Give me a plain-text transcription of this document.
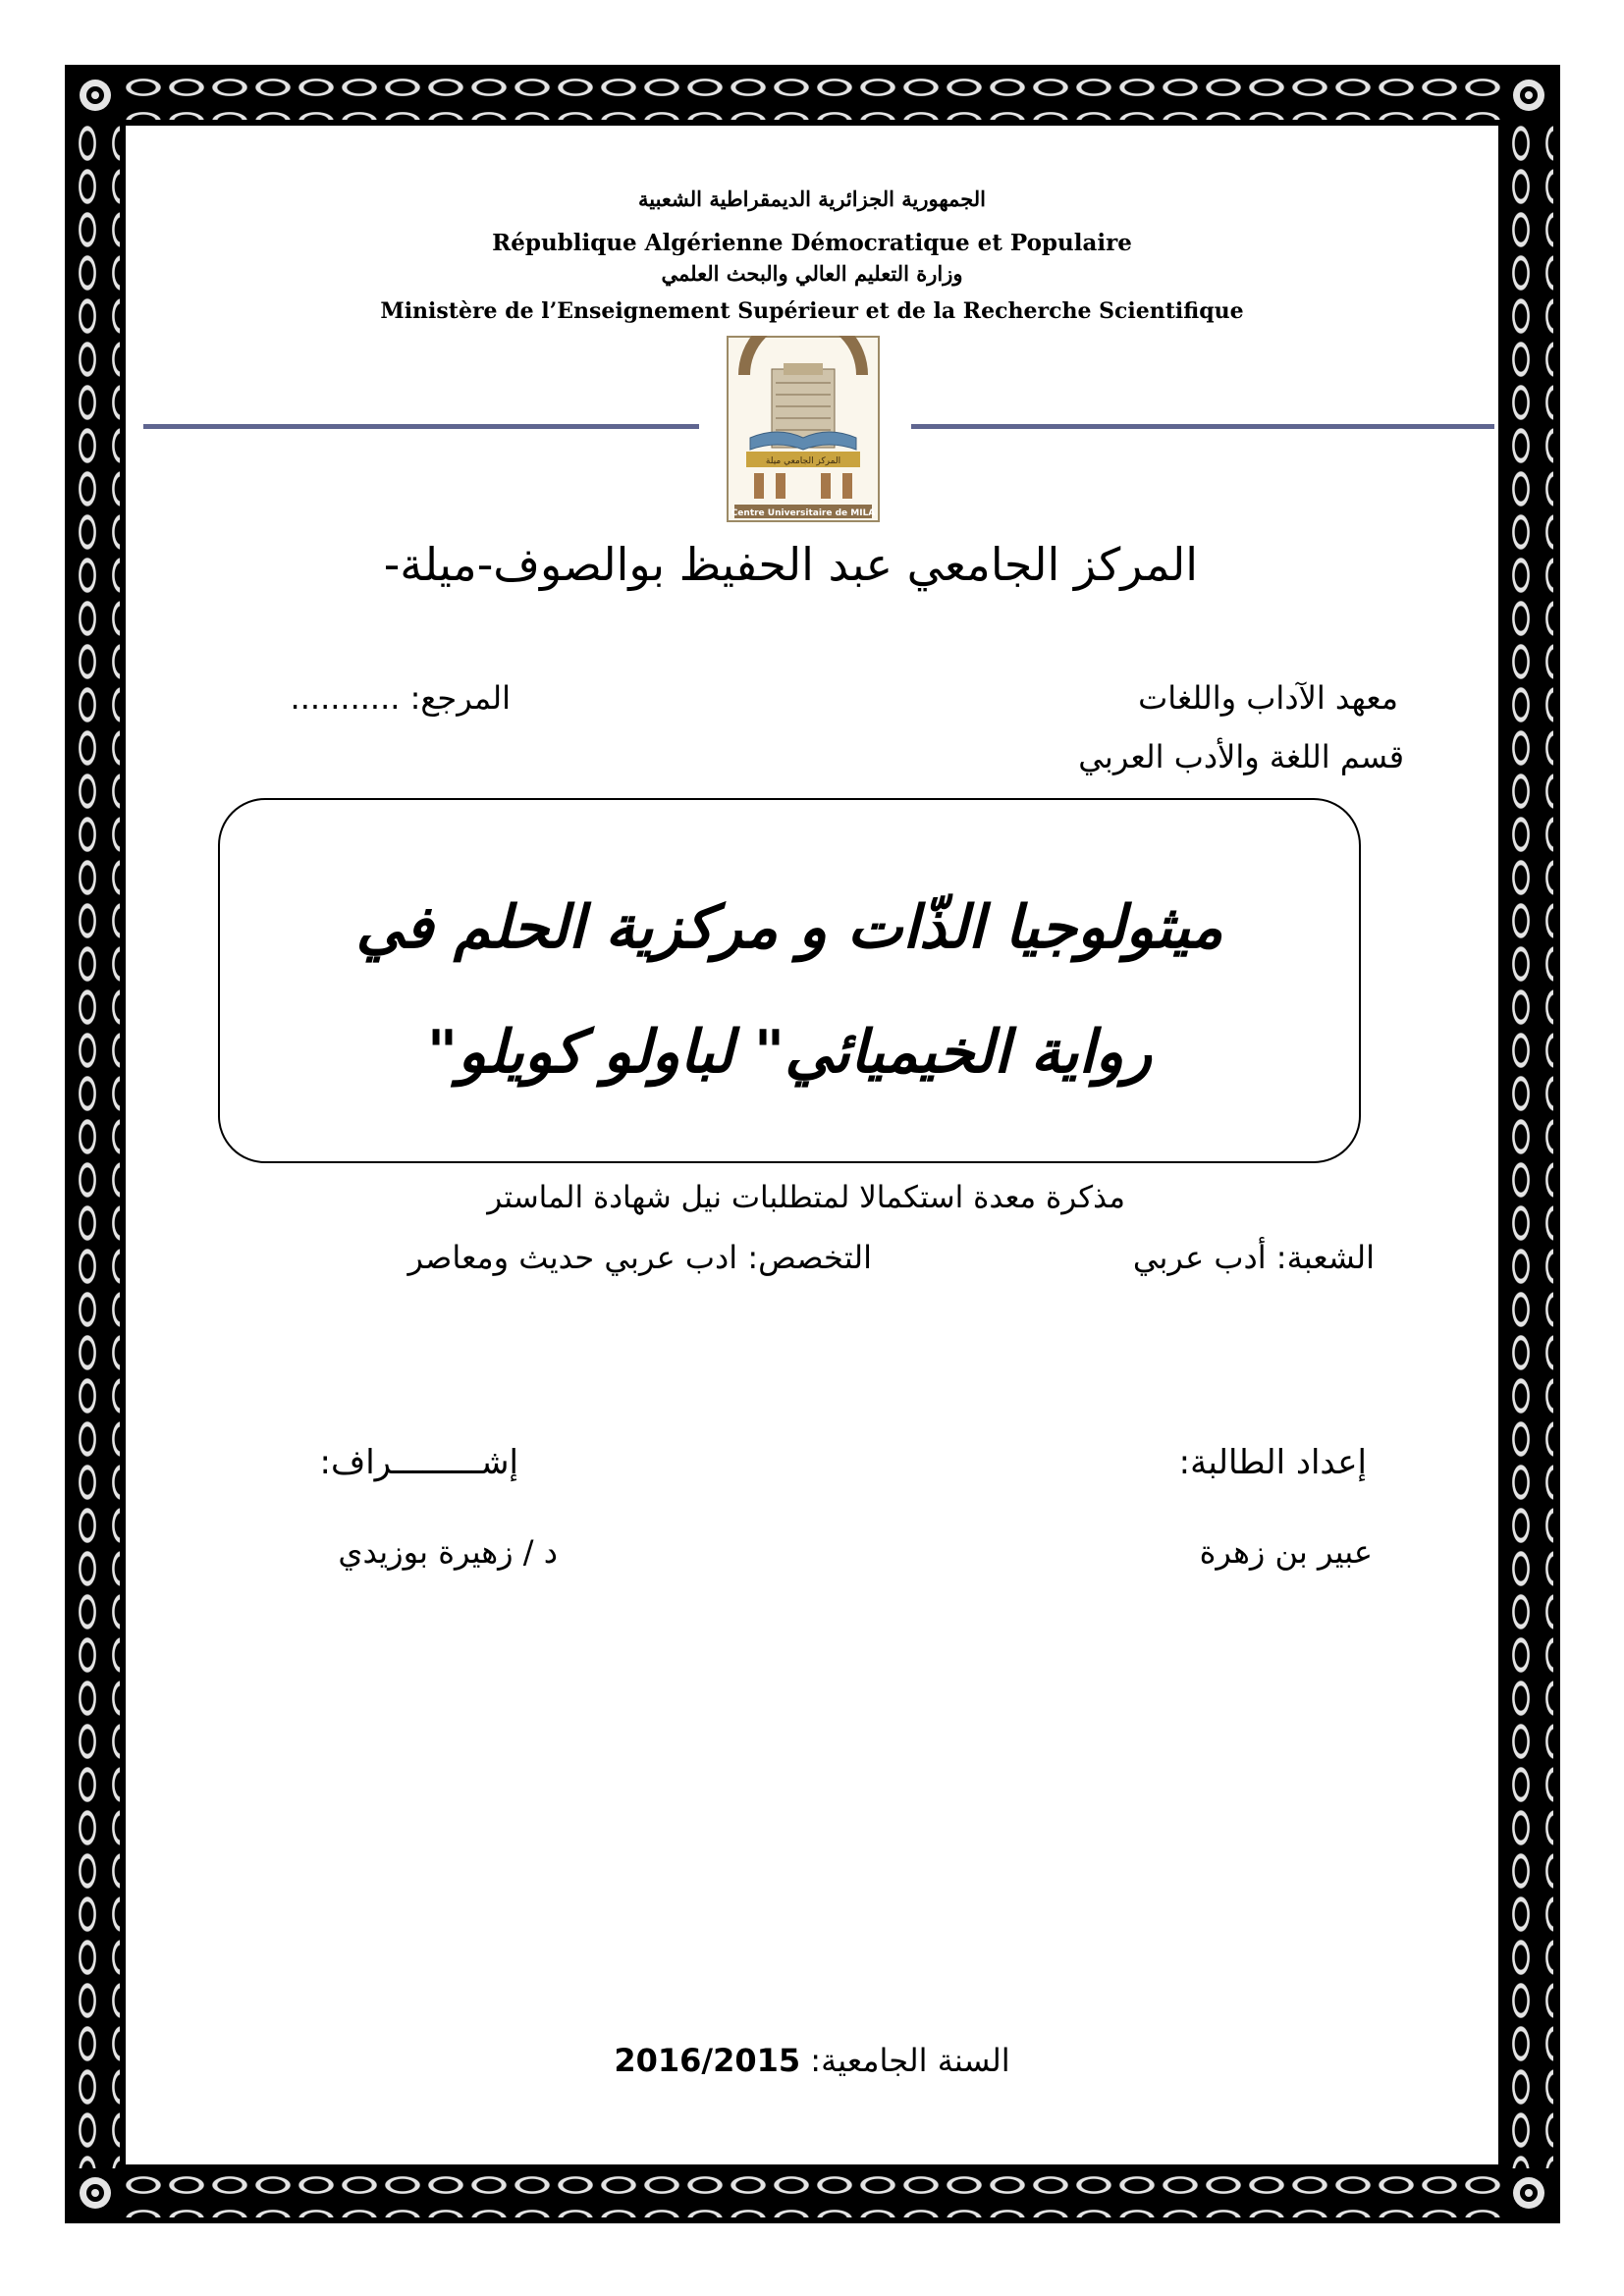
الجمهورية الجزائرية الديمقراطية الشعبية
République Algérienne Démocratique et Populaire
وزارة التعليم العالي والبحث العلمي
Ministère de l’Enseignement Supérieur et de la Recherche Scientifique
المركز الجامعي ميلة
Centre Universitaire de MILA
المركز الجامعي عبد الحفيظ بوالصوف-ميلة-
معهد الآداب واللغات
المرجع: ...........
قسم اللغة والأدب العربي
ميثولوجيا الذّات و مركزية الحلم في
رواية الخيميائي" لباولو كويلو"
مذكرة معدة استكمالا لمتطلبات نيل شهادة الماستر
الشعبة: أدب عربي
التخصص: ادب عربي حديث ومعاصر
إعداد الطالبة:
إشـــــــــراف:
عبير بن زهرة
د / زهيرة بوزيدي
السنة الجامعية: 2016/2015
